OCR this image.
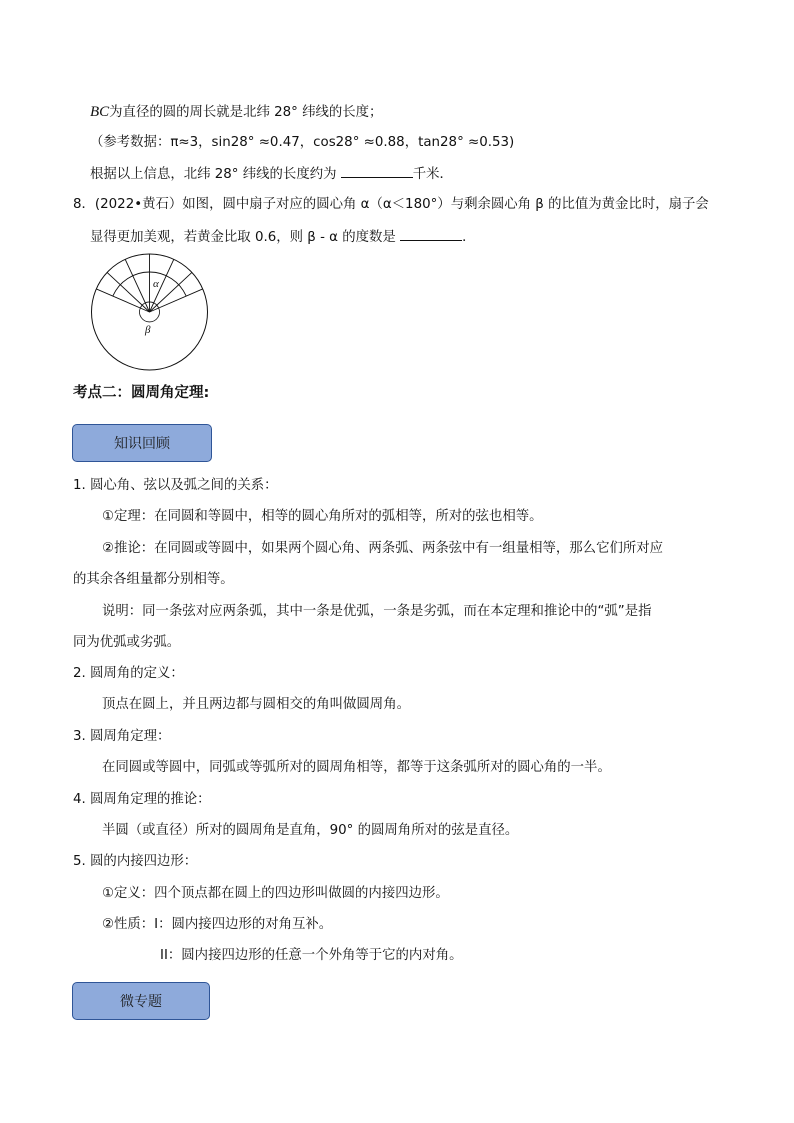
BC为直径的圆的周长就是北纬 28° 纬线的长度；
（参考数据：π≈3，sin28° ≈0.47，cos28° ≈0.88，tan28° ≈0.53)
根据以上信息，北纬 28° 纬线的长度约为	千米．
8．(2022•黄石）如图，圆中扇子对应的圆心角 α（α＜180°）与剩余圆心角 β 的比值为黄金比时，扇子会
显得更加美观，若黄金比取 0.6，则 β - α 的度数是	．
α
β
考点二：圆周角定理:
知识回顾
1. 圆心角、弦以及弧之间的关系：
①定理：在同圆和等圆中，相等的圆心角所对的弧相等，所对的弦也相等。
②推论：在同圆或等圆中，如果两个圆心角、两条弧、两条弦中有一组量相等，那么它们所对应
的其余各组量都分别相等。
说明：同一条弦对应两条弧，其中一条是优弧，一条是劣弧，而在本定理和推论中的“弧”是指
同为优弧或劣弧。
2. 圆周角的定义：
顶点在圆上，并且两边都与圆相交的角叫做圆周角。
3. 圆周角定理：
在同圆或等圆中，同弧或等弧所对的圆周角相等，都等于这条弧所对的圆心角的一半。
4. 圆周角定理的推论：
半圆（或直径）所对的圆周角是直角，90° 的圆周角所对的弦是直径。
5. 圆的内接四边形：
①定义：四个顶点都在圆上的四边形叫做圆的内接四边形。
②性质：I：圆内接四边形的对角互补。
II：圆内接四边形的任意一个外角等于它的内对角。
微专题
